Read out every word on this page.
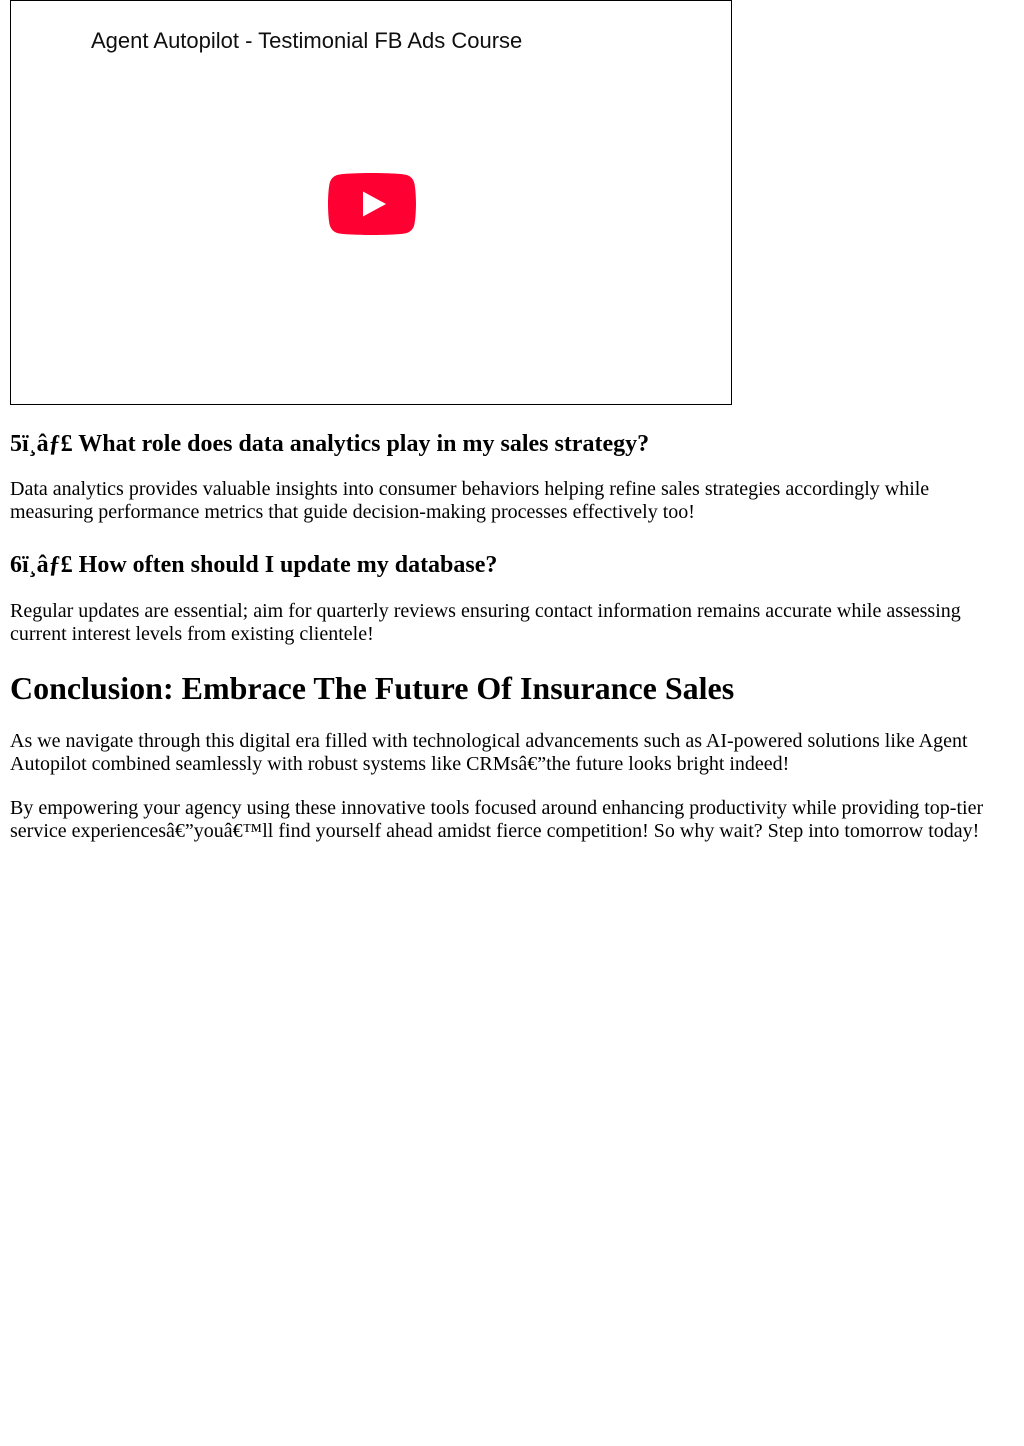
Agent Autopilot - Testimonial FB Ads Course
5ï¸âƒ£ What role does data analytics play in my sales strategy?

Data analytics provides valuable insights into consumer behaviors helping refine sales strategies accordingly while measuring performance metrics that guide decision-making processes effectively too!

6ï¸âƒ£ How often should I update my database?

Regular updates are essential; aim for quarterly reviews ensuring contact information remains accurate while assessing current interest levels from existing clientele!

Conclusion: Embrace The Future Of Insurance Sales

As we navigate through this digital era filled with technological advancements such as AI-powered solutions like Agent Autopilot combined seamlessly with robust systems like CRMsâ€”the future looks bright indeed!

By empowering your agency using these innovative tools focused around enhancing productivity while providing top-tier service experiencesâ€”youâ€™ll find yourself ahead amidst fierce competition! So why wait? Step into tomorrow today!
